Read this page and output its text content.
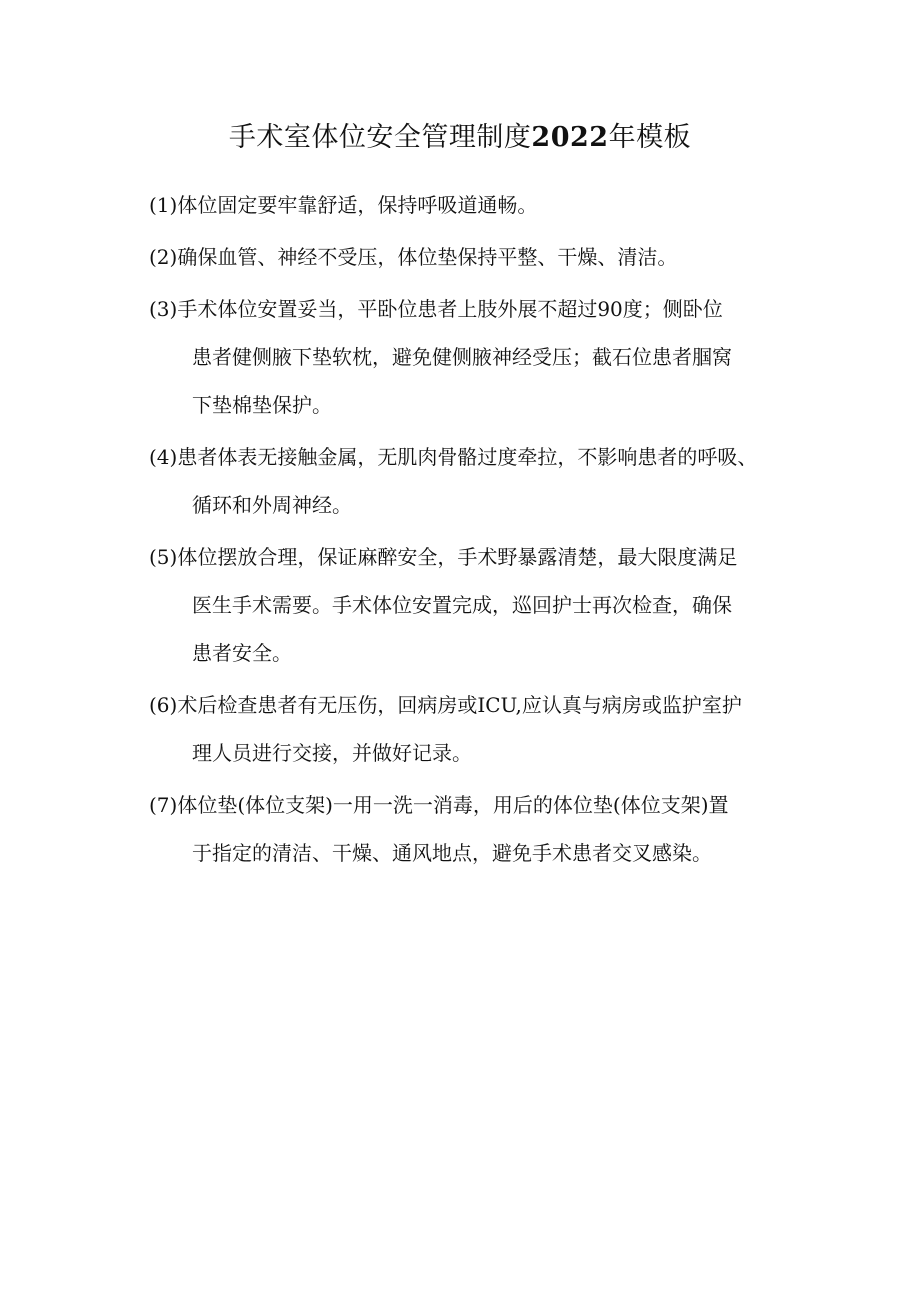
手术室体位安全管理制度2022年模板
(1)体位固定要牢靠舒适，保持呼吸道通畅。
(2)确保血管、神经不受压，体位垫保持平整、干燥、清洁。
(3)手术体位安置妥当，平卧位患者上肢外展不超过90度；侧卧位
患者健侧腋下垫软枕，避免健侧腋神经受压；截石位患者腘窝
下垫棉垫保护。
(4)患者体表无接触金属，无肌肉骨骼过度牵拉，不影响患者的呼吸、
循环和外周神经。
(5)体位摆放合理，保证麻醉安全，手术野暴露清楚，最大限度满足
医生手术需要。手术体位安置完成，巡回护士再次检查，确保
患者安全。
(6)术后检查患者有无压伤，回病房或ICU,应认真与病房或监护室护
理人员进行交接，并做好记录。
(7)体位垫(体位支架)一用一洗一消毒，用后的体位垫(体位支架)置
于指定的清洁、干燥、通风地点，避免手术患者交叉感染。
